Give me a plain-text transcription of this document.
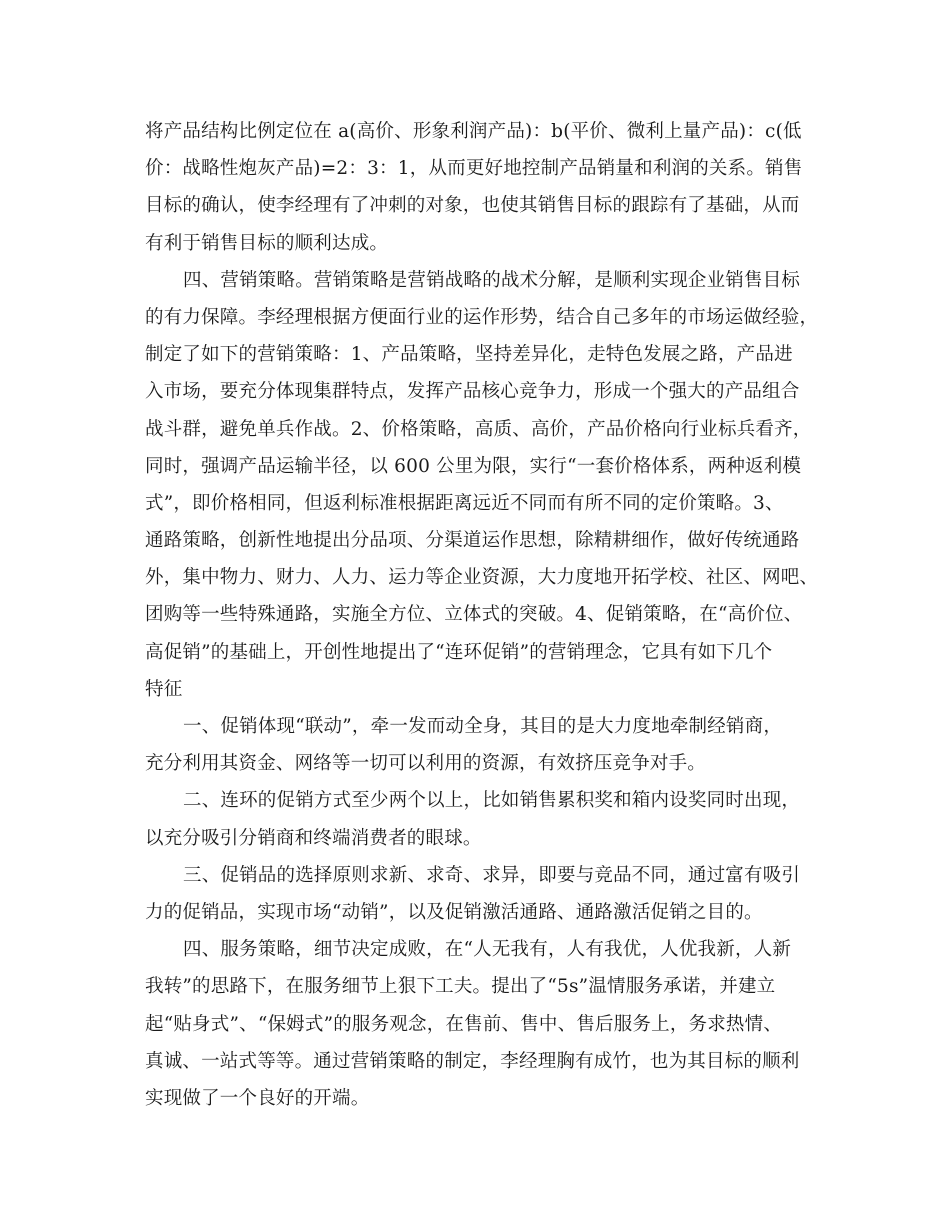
将产品结构比例定位在 a(高价、形象利润产品)：b(平价、微利上量产品)：c(低
价：战略性炮灰产品)=2：3：1，从而更好地控制产品销量和利润的关系。销售
目标的确认，使李经理有了冲刺的对象，也使其销售目标的跟踪有了基础，从而
有利于销售目标的顺利达成。
四、营销策略。营销策略是营销战略的战术分解，是顺利实现企业销售目标
的有力保障。李经理根据方便面行业的运作形势，结合自己多年的市场运做经验，
制定了如下的营销策略：1、产品策略，坚持差异化，走特色发展之路，产品进
入市场，要充分体现集群特点，发挥产品核心竞争力，形成一个强大的产品组合
战斗群，避免单兵作战。2、价格策略，高质、高价，产品价格向行业标兵看齐，
同时，强调产品运输半径，以 600 公里为限，实行“一套价格体系，两种返利模
式”，即价格相同，但返利标准根据距离远近不同而有所不同的定价策略。3、
通路策略，创新性地提出分品项、分渠道运作思想，除精耕细作，做好传统通路
外，集中物力、财力、人力、运力等企业资源，大力度地开拓学校、社区、网吧、
团购等一些特殊通路，实施全方位、立体式的突破。4、促销策略，在“高价位、
高促销”的基础上，开创性地提出了“连环促销”的营销理念，它具有如下几个
特征
一、促销体现“联动”，牵一发而动全身，其目的是大力度地牵制经销商，
充分利用其资金、网络等一切可以利用的资源，有效挤压竞争对手。
二、连环的促销方式至少两个以上，比如销售累积奖和箱内设奖同时出现，
以充分吸引分销商和终端消费者的眼球。
三、促销品的选择原则求新、求奇、求异，即要与竞品不同，通过富有吸引
力的促销品，实现市场“动销”，以及促销激活通路、通路激活促销之目的。
四、服务策略，细节决定成败，在“人无我有，人有我优，人优我新，人新
我转”的思路下，在服务细节上狠下工夫。提出了“5s”温情服务承诺，并建立
起“贴身式”、“保姆式”的服务观念，在售前、售中、售后服务上，务求热情、
真诚、一站式等等。通过营销策略的制定，李经理胸有成竹，也为其目标的顺利
实现做了一个良好的开端。
